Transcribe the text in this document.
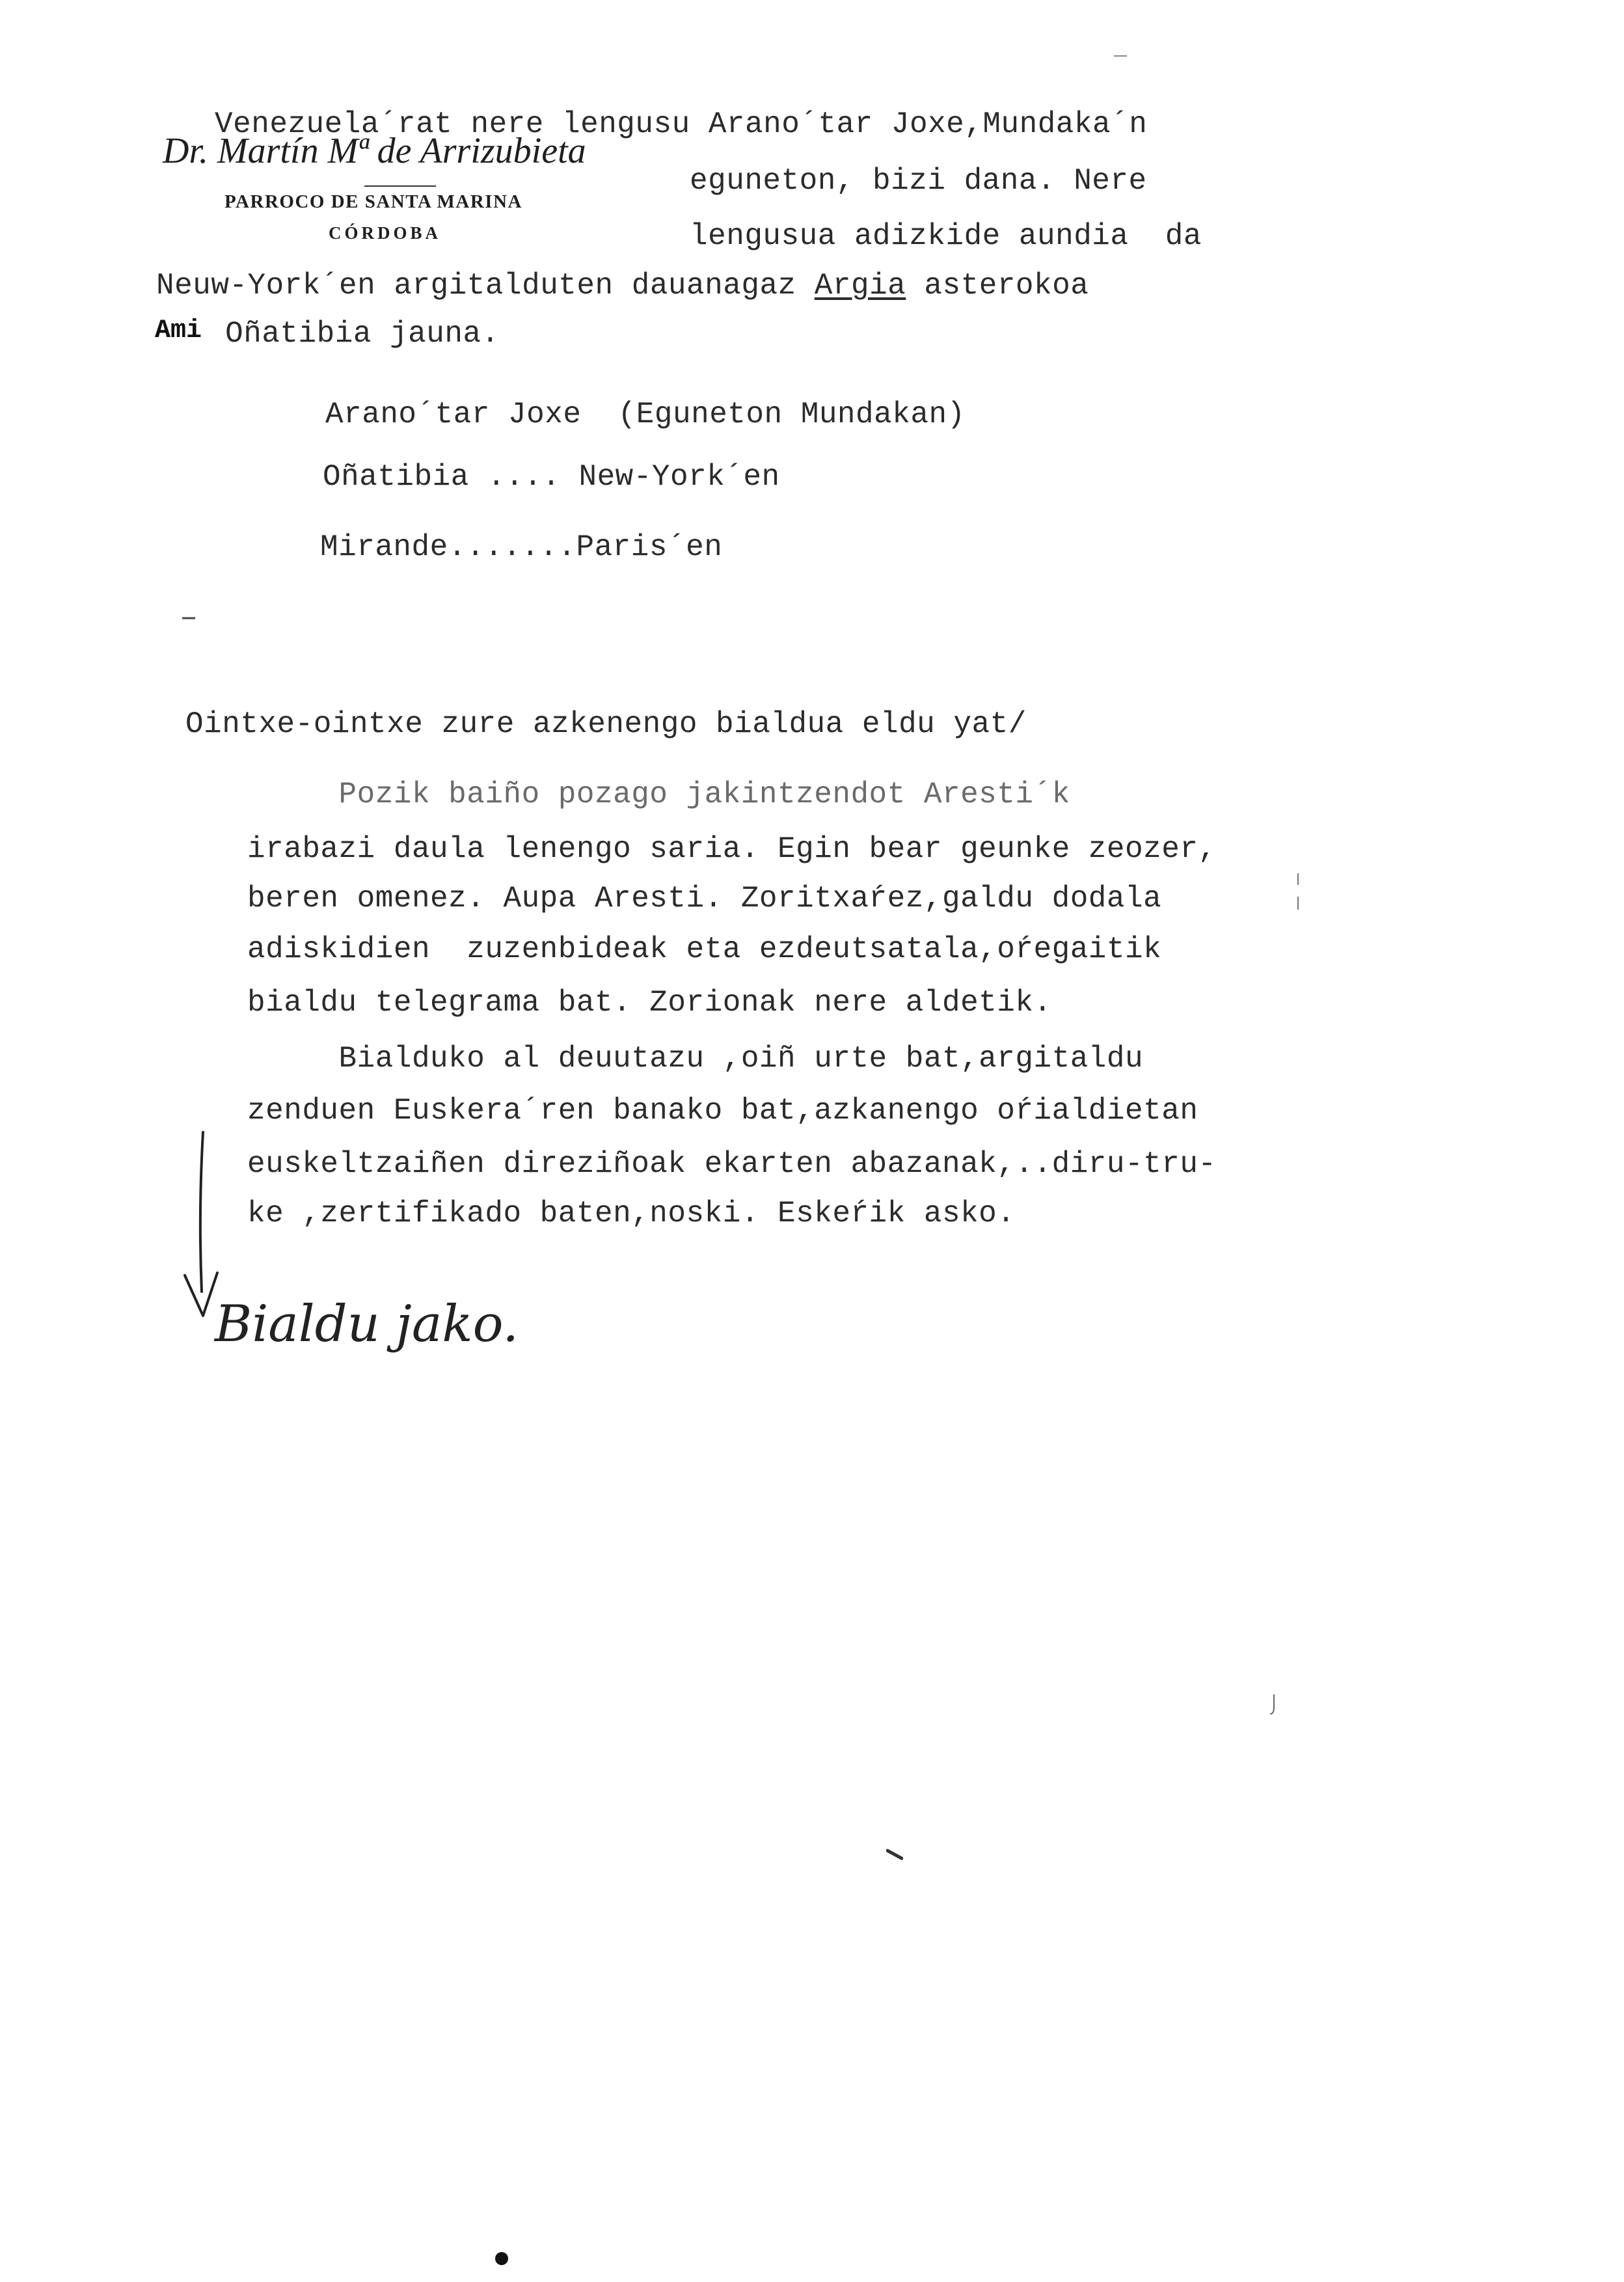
Dr. Martín Mª de Arrizubieta
PARROCO DE SANTA MARINA
CÓRDOBA
Venezuela´rat nere lengusu Arano´tar Joxe,Mundaka´n
eguneton, bizi dana. Nere
lengusua adizkide aundia  da
Neuw-York´en argitalduten dauanagaz Argia asterokoa
Ami Oñatibia jauna.
Arano´tar Joxe  (Eguneton Mundakan)
Oñatibia .... New-York´en
Mirande.......Paris´en
Ointxe-ointxe zure azkenengo bialdua eldu yat/
Pozik baiño pozago jakintzendot Aresti´k
irabazi daula lenengo saria. Egin bear geunke zeozer,
beren omenez. Aupa Aresti. Zoritxaŕez,galdu dodala
adiskidien  zuzenbideak eta ezdeutsatala,oŕegaitik
bialdu telegrama bat. Zorionak nere aldetik.
Bialduko al deuutazu ,oiñ urte bat,argitaldu
zenduen Euskera´ren banako bat,azkanengo oŕialdietan
euskeltzaiñen direziñoak ekarten abazanak,..diru-tru-
ke ,zertifikado baten,noski. Eskeŕik asko.
Bialdu jako.
